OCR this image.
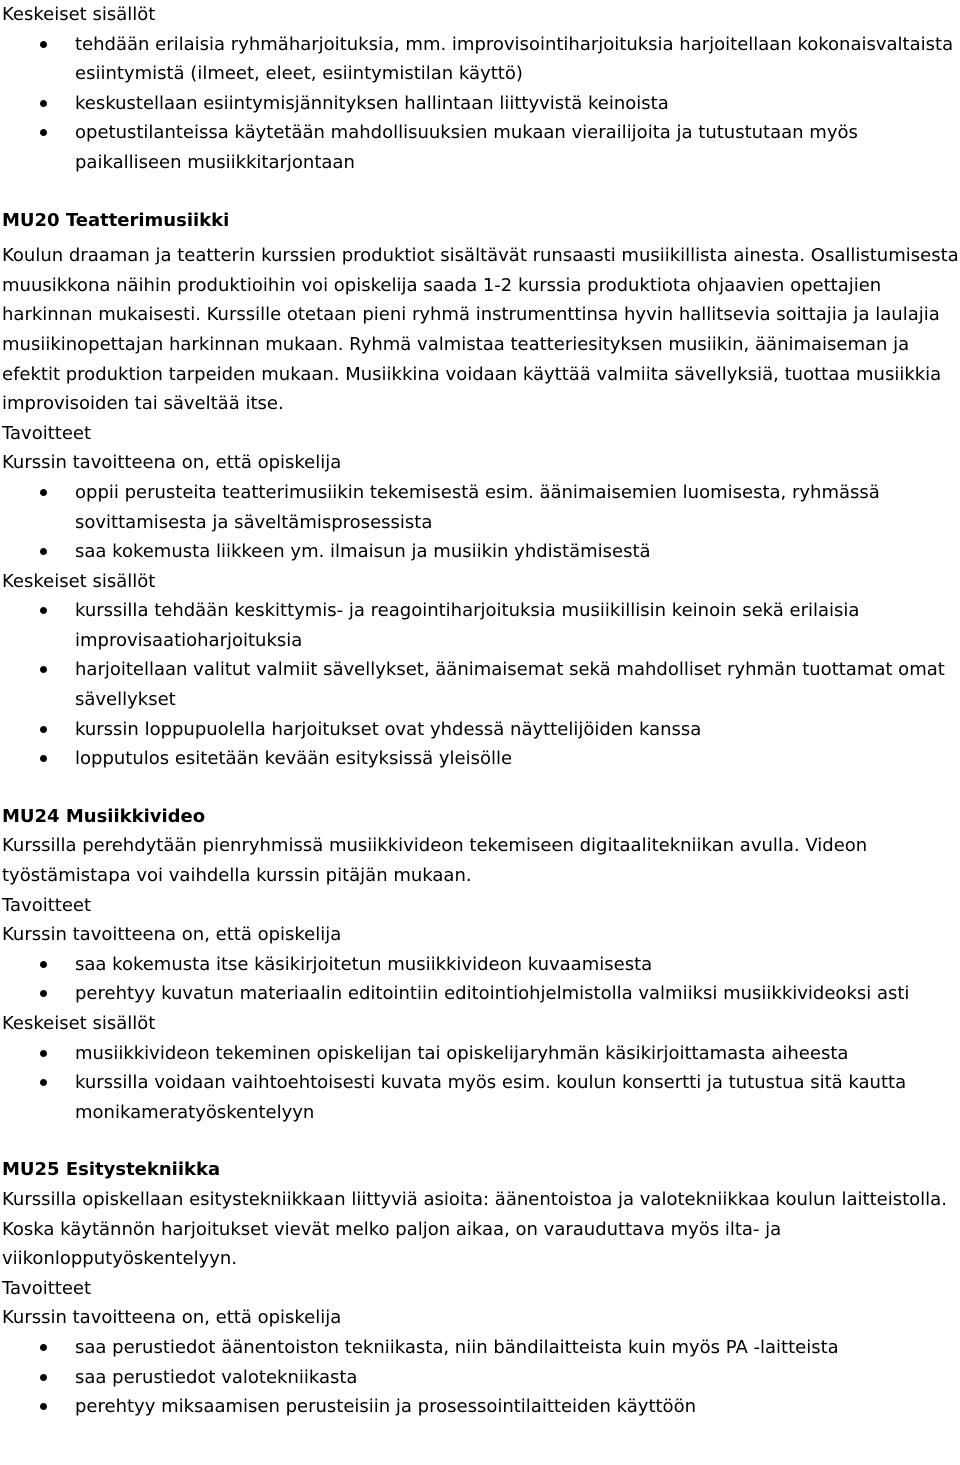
Keskeiset sisällöt

tehdään erilaisia ryhmäharjoituksia, mm. improvisointiharjoituksia harjoitellaan kokonaisvaltaista esiintymistä (ilmeet, eleet, esiintymistilan käyttö)
keskustellaan esiintymisjännityksen hallintaan liittyvistä keinoista
opetustilanteissa käytetään mahdollisuuksien mukaan vierailijoita ja tutustutaan myös paikalliseen musiikkitarjontaan

MU20 Teatterimusiikki

Koulun draaman ja teatterin kurssien produktiot sisältävät runsaasti musiikillista ainesta. Osallistumisesta muusikkona näihin produktioihin voi opiskelija saada 1-2 kurssia produktiota ohjaavien opettajien harkinnan mukaisesti. Kurssille otetaan pieni ryhmä instrumenttinsa hyvin hallitsevia soittajia ja laulajia musiikinopettajan harkinnan mukaan. Ryhmä valmistaa teatteriesityksen musiikin, äänimaiseman ja efektit produktion tarpeiden mukaan. Musiikkina voidaan käyttää valmiita sävellyksiä, tuottaa musiikkia improvisoiden tai säveltää itse.

Tavoitteet

Kurssin tavoitteena on, että opiskelija

oppii perusteita teatterimusiikin tekemisestä esim. äänimaisemien luomisesta, ryhmässä sovittamisesta ja säveltämisprosessista
saa kokemusta liikkeen ym. ilmaisun ja musiikin yhdistämisestä

Keskeiset sisällöt

kurssilla tehdään keskittymis- ja reagointiharjoituksia musiikillisin keinoin sekä erilaisia improvisaatioharjoituksia
harjoitellaan valitut valmiit sävellykset, äänimaisemat sekä mahdolliset ryhmän tuottamat omat sävellykset
kurssin loppupuolella harjoitukset ovat yhdessä näyttelijöiden kanssa
lopputulos esitetään kevään esityksissä yleisölle

MU24 Musiikkivideo

Kurssilla perehdytään pienryhmissä musiikkivideon tekemiseen digitaalitekniikan avulla. Videon työstämistapa voi vaihdella kurssin pitäjän mukaan.

Tavoitteet

Kurssin tavoitteena on, että opiskelija

saa kokemusta itse käsikirjoitetun musiikkivideon kuvaamisesta
perehtyy kuvatun materiaalin editointiin editointiohjelmistolla valmiiksi musiikkivideoksi asti

Keskeiset sisällöt

musiikkivideon tekeminen opiskelijan tai opiskelijaryhmän käsikirjoittamasta aiheesta
kurssilla voidaan vaihtoehtoisesti kuvata myös esim. koulun konsertti ja tutustua sitä kautta monikameratyöskentelyyn

MU25 Esitystekniikka

Kurssilla opiskellaan esitystekniikkaan liittyviä asioita: äänentoistoa ja valotekniikkaa koulun laitteistolla. Koska käytännön harjoitukset vievät melko paljon aikaa, on varauduttava myös ilta- ja viikonlopputyöskentelyyn.

Tavoitteet

Kurssin tavoitteena on, että opiskelija

saa perustiedot äänentoiston tekniikasta, niin bändilaitteista kuin myös PA -laitteista
saa perustiedot valotekniikasta
perehtyy miksaamisen perusteisiin ja prosessointilaitteiden käyttöön
